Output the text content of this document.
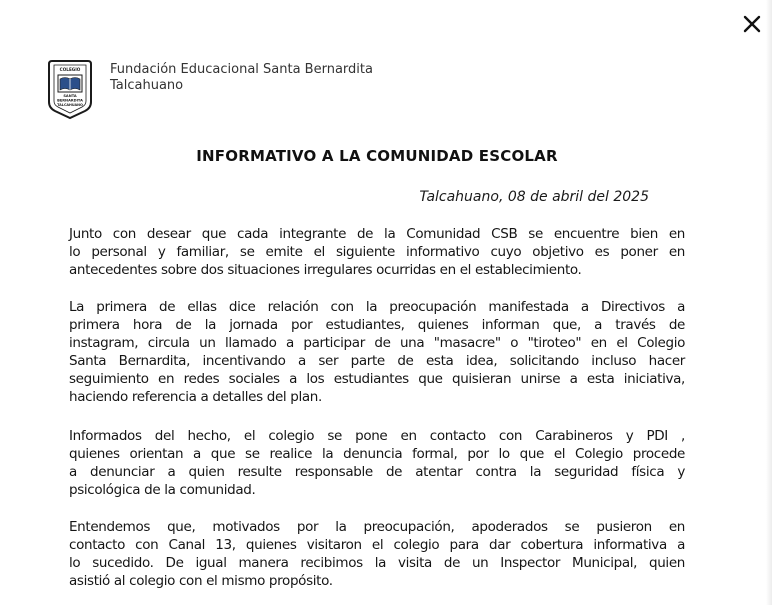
COLEGIO
SANTA
BERNARDITA
TALCAHUANO
Fundación Educacional Santa Bernardita
Talcahuano
INFORMATIVO A LA COMUNIDAD ESCOLAR
Talcahuano, 08 de abril del 2025
Junto con desear que cada integrante de la Comunidad CSB se encuentre bien en
lo personal y familiar, se emite el siguiente informativo cuyo objetivo es poner en
antecedentes sobre dos situaciones irregulares ocurridas en el establecimiento.
La primera de ellas dice relación con la preocupación manifestada a Directivos a
primera hora de la jornada por estudiantes, quienes informan que, a través de
instagram, circula un llamado a participar de una "masacre" o "tiroteo" en el Colegio
Santa Bernardita, incentivando a ser parte de esta idea, solicitando incluso hacer
seguimiento en redes sociales a los estudiantes que quisieran unirse a esta iniciativa,
haciendo referencia a detalles del plan.
Informados del hecho, el colegio se pone en contacto con Carabineros y PDI ,
quienes orientan a que se realice la denuncia formal, por lo que el Colegio procede
a denunciar a quien resulte responsable de atentar contra la seguridad física y
psicológica de la comunidad.
Entendemos que, motivados por la preocupación, apoderados se pusieron en
contacto con Canal 13, quienes visitaron el colegio para dar cobertura informativa a
lo sucedido. De igual manera recibimos la visita de un Inspector Municipal, quien
asistió al colegio con el mismo propósito.
